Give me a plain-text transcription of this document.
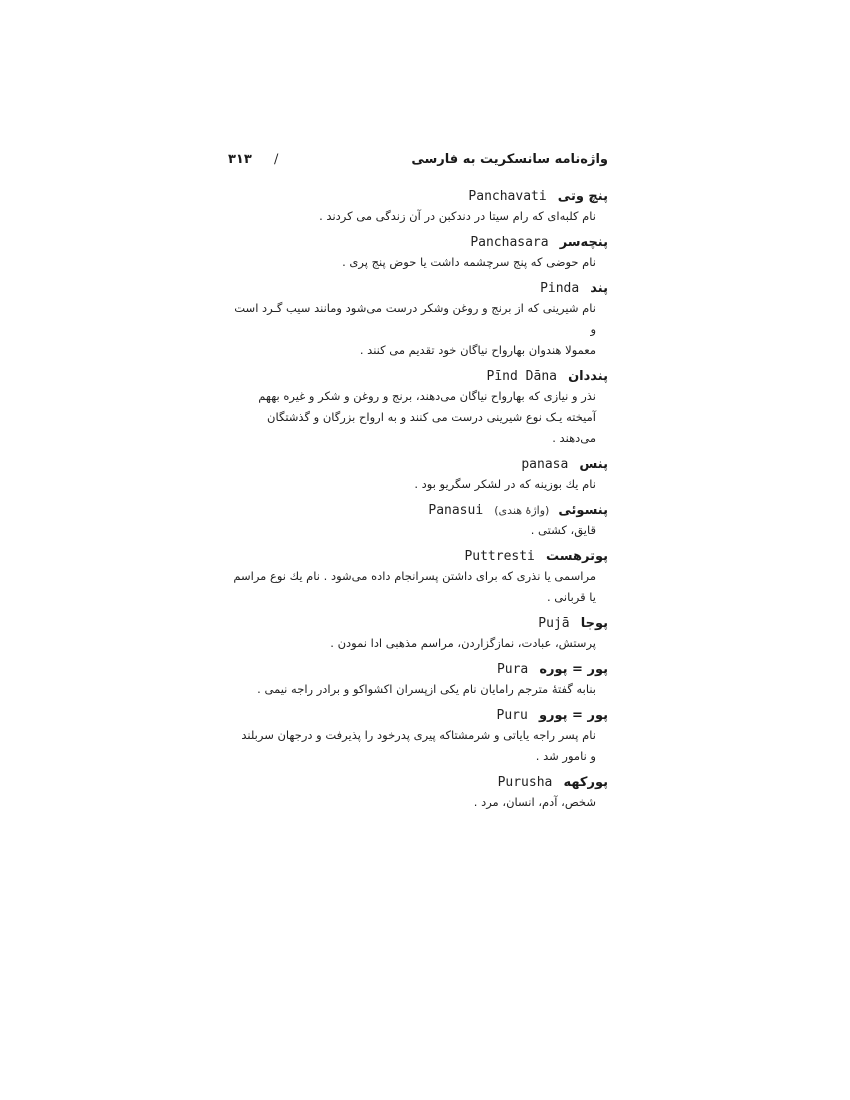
واژه‌نامه سانسکریت به فارسی
/
۳۱۳
پنچ وتی Panchavati
نام کلبه‌ای که رام سیتا در دندکبن در آن زندگی می کردند .
پنچه‌سر Panchasara
نام حوضی که پنج سرچشمه داشت یا حوض پنج پری .
پند Pinda
نام شیرینی که از برنج و روغن وشکر درست می‌شود ومانند سیب گـرد است و
معمولا هندوان بهارواح نیاگان خود تقدیم می کنند .
پنددان Pīnd Dāna
نذر و نیازی که بهارواح نیاگان می‌دهند، برنج و روغن و شکر و غیره بههم
آمیخته یـک نوع شیرینی درست می کنند و به ارواح بزرگان و گذشتگان
می‌دهند .
پنس panasa
نام یك بوزینه که در لشکر سگریو بود .
پنسوئی (واژهٔ هندی) Panasui
قایق، کشتی .
پوترهست Puttresti
مراسمی یا نذری که برای داشتن پسرانجام داده می‌شود . نام یك نوع مراسم
یا قربانی .
پوجا Pujā
پرستش، عبادت، نمازگزاردن، مراسم مذهبی ادا نمودن .
پور = پوره Pura
بنابه گفتهٔ مترجم رامایان نام یکی ازپسران اکشواکو و برادر راجه نیمی .
پور = پورو Puru
نام پسر راجه یایاتی و شرمشتاکه پیری پدرخود را پذیرفت و درجهان سربلند
و نامور شد .
پورکهه Purusha
شخص، آدم، انسان، مرد .
